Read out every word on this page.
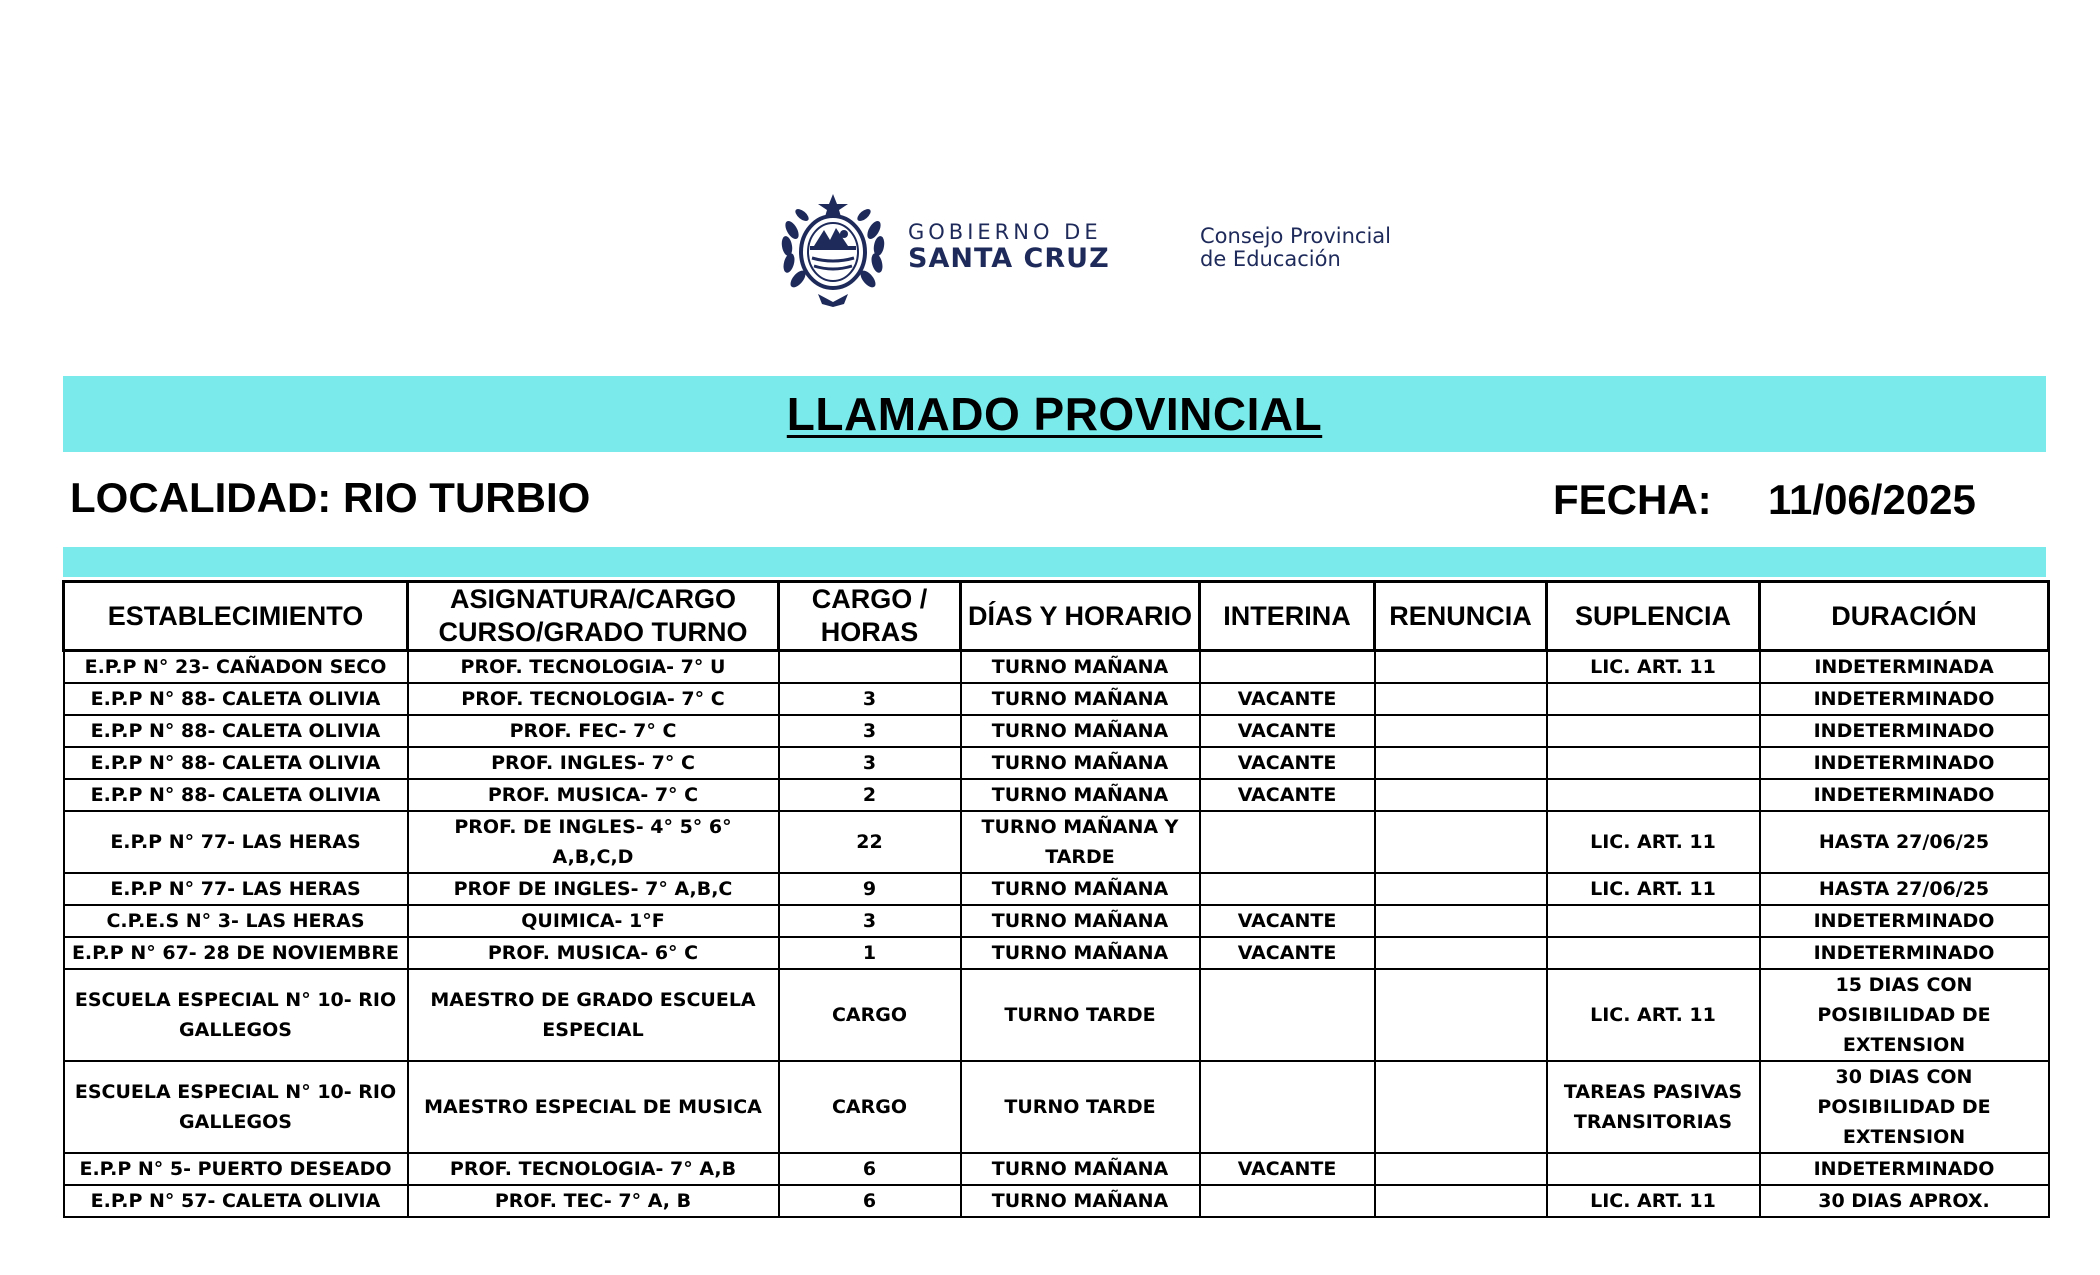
GOBIERNO DE
SANTA CRUZ
Consejo Provincial
de Educación
LLAMADO PROVINCIAL
LOCALIDAD: RIO TURBIO	FECHA: 11/06/2025
ESTABLECIMIENTO	ASIGNATURA/CARGO CURSO/GRADO TURNO	CARGO / HORAS	DÍAS Y HORARIO	INTERINA	RENUNCIA	SUPLENCIA	DURACIÓN
E.P.P N° 23- CAÑADON SECO	PROF. TECNOLOGIA- 7° U		TURNO MAÑANA			LIC. ART. 11	INDETERMINADA
E.P.P N° 88- CALETA OLIVIA	PROF. TECNOLOGIA- 7° C	3	TURNO MAÑANA	VACANTE			INDETERMINADO
E.P.P N° 88- CALETA OLIVIA	PROF. FEC- 7° C	3	TURNO MAÑANA	VACANTE			INDETERMINADO
E.P.P N° 88- CALETA OLIVIA	PROF. INGLES- 7° C	3	TURNO MAÑANA	VACANTE			INDETERMINADO
E.P.P N° 88- CALETA OLIVIA	PROF. MUSICA- 7° C	2	TURNO MAÑANA	VACANTE			INDETERMINADO
E.P.P N° 77- LAS HERAS	PROF. DE INGLES- 4° 5° 6° A,B,C,D	22	TURNO MAÑANA Y TARDE			LIC. ART. 11	HASTA 27/06/25
E.P.P N° 77- LAS HERAS	PROF DE INGLES- 7° A,B,C	9	TURNO MAÑANA			LIC. ART. 11	HASTA 27/06/25
C.P.E.S N° 3- LAS HERAS	QUIMICA- 1°F	3	TURNO MAÑANA	VACANTE			INDETERMINADO
E.P.P N° 67- 28 DE NOVIEMBRE	PROF. MUSICA- 6° C	1	TURNO MAÑANA	VACANTE			INDETERMINADO
ESCUELA ESPECIAL N° 10- RIO GALLEGOS	MAESTRO DE GRADO ESCUELA ESPECIAL	CARGO	TURNO TARDE			LIC. ART. 11	15 DIAS CON POSIBILIDAD DE EXTENSION
ESCUELA ESPECIAL N° 10- RIO GALLEGOS	MAESTRO ESPECIAL DE MUSICA	CARGO	TURNO TARDE			TAREAS PASIVAS TRANSITORIAS	30 DIAS CON POSIBILIDAD DE EXTENSION
E.P.P N° 5- PUERTO DESEADO	PROF. TECNOLOGIA- 7° A,B	6	TURNO MAÑANA	VACANTE			INDETERMINADO
E.P.P N° 57- CALETA OLIVIA	PROF. TEC- 7° A, B	6	TURNO MAÑANA			LIC. ART. 11	30 DIAS APROX.
